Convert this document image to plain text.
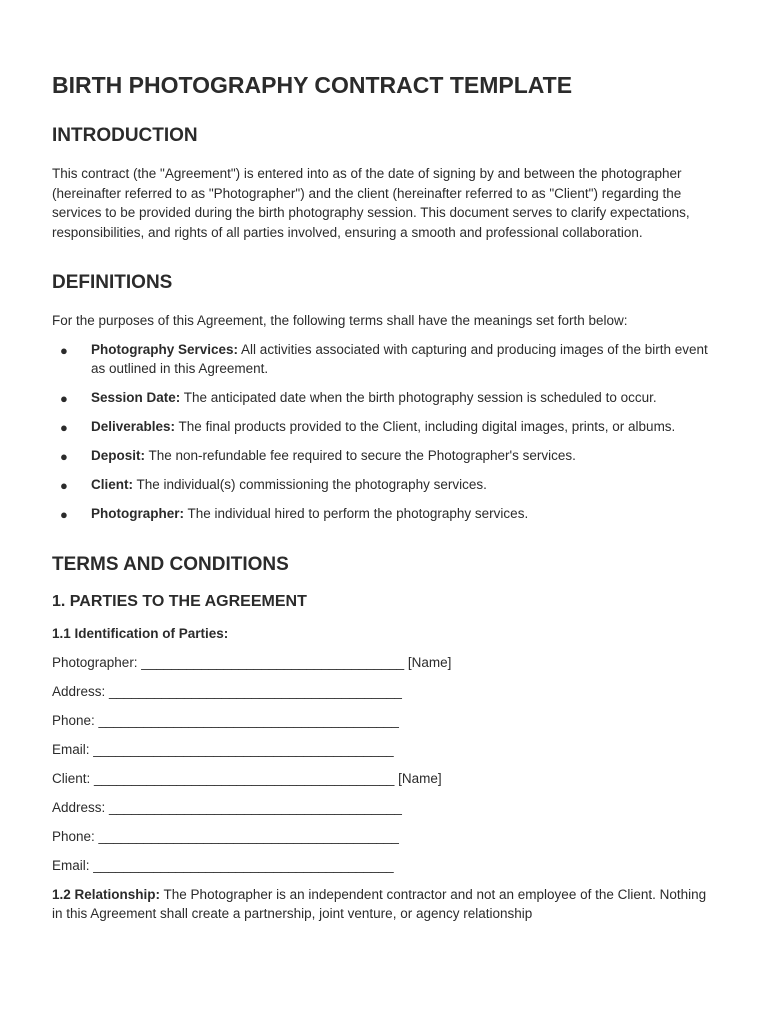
BIRTH PHOTOGRAPHY CONTRACT TEMPLATE
INTRODUCTION

This contract (the "Agreement") is entered into as of the date of signing by and between the photographer (hereinafter referred to as "Photographer") and the client (hereinafter referred to as "Client") regarding the services to be provided during the birth photography session. This document serves to clarify expectations, responsibilities, and rights of all parties involved, ensuring a smooth and professional collaboration.

DEFINITIONS

For the purposes of this Agreement, the following terms shall have the meanings set forth below:

● Photography Services: All activities associated with capturing and producing images of the birth event as outlined in this Agreement.
● Session Date: The anticipated date when the birth photography session is scheduled to occur.
● Deliverables: The final products provided to the Client, including digital images, prints, or albums.
● Deposit: The non-refundable fee required to secure the Photographer's services.
● Client: The individual(s) commissioning the photography services.
● Photographer: The individual hired to perform the photography services.
TERMS AND CONDITIONS
1. PARTIES TO THE AGREEMENT
1.1 Identification of Parties:
Photographer: ___________________________________ [Name]
Address: _______________________________________
Phone: ________________________________________
Email: ________________________________________
Client: ________________________________________ [Name]
Address: _______________________________________
Phone: ________________________________________
Email: ________________________________________

1.2 Relationship: The Photographer is an independent contractor and not an employee of the Client. Nothing in this Agreement shall create a partnership, joint venture, or agency relationship
